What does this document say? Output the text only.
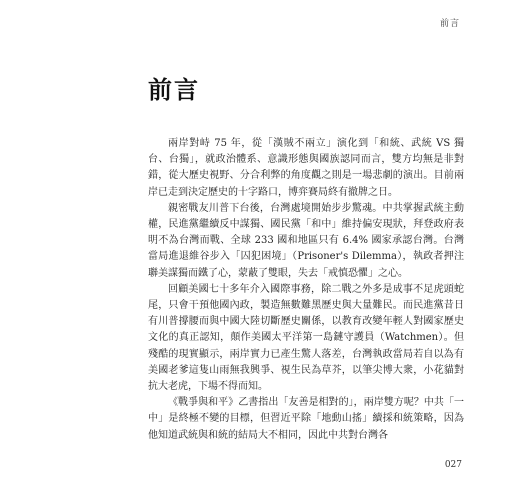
前言
前言

兩岸對峙 75 年，從「漢賊不兩立」演化到「和統、武統 VS 獨台、台獨」，就政治體系、意識形態與國族認同而言，雙方均無是非對錯，從大歷史視野、分合利弊的角度觀之則是一場悲劇的演出。目前兩岸已走到決定歷史的十字路口，博弈賽局終有撤牌之日。

親密戰友川普下台後，台灣處境開始步步驚魂。中共掌握武統主動權，民進黨繼續反中謀獨、國民黨「和中」維持偏安現狀，拜登政府表明不為台灣而戰、全球 233 國和地區只有 6.4% 國家承認台灣。台灣當局進退維谷步入「囚犯困境」（Prisoner's Dilemma），執政者押注聯美謀獨而鐵了心，蒙蔽了雙眼，失去「戒慎恐懼」之心。

回顧美國七十多年介入國際事務，除二戰之外多是成事不足虎頭蛇尾，只會干預他國內政，製造無數難黑歷史與大量難民。而民進黨昔日有川普撐腰而與中國大陸切斷歷史關係，以教育改變年輕人對國家歷史文化的真正認知，顛作美國太平洋第一島鏈守護員（Watchmen）。但殘酷的現實顯示，兩岸實力已產生驚人落差，台灣執政當局若自以為有美國老爹這隻山雨無我興爭、視生民為草芥，以筆尖博大衆，小花貓對抗大老虎，下場不得而知。

《戰爭與和平》乙書指出「友善是相對的」，兩岸雙方呢？中共「一中」是終極不變的目標，但習近平除「地動山搖」續採和統策略，因為他知道武統與和統的結局大不相同，因此中共對台灣各

027
